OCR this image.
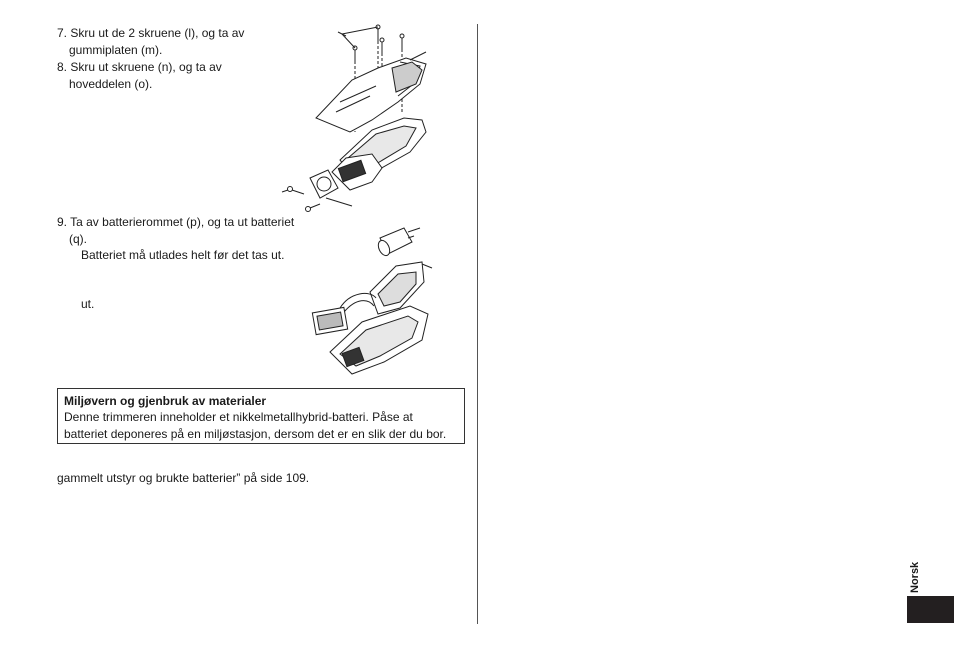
7. Skru ut de 2 skruene (l), og ta av
gummiplaten (m).
8. Skru ut skruene (n), og ta av
hoveddelen (o).
9. Ta av batterierommet (p), og ta ut batteriet
(q).
Batteriet må utlades helt før det tas ut.
ut.
Miljøvern og gjenbruk av materialer
Denne trimmeren inneholder et nikkelmetallhybrid-batteri. Påse at
batteriet deponeres på en miljøstasjon, dersom det er en slik der du bor.
gammelt utstyr og brukte batterier” på side 109.
Norsk
